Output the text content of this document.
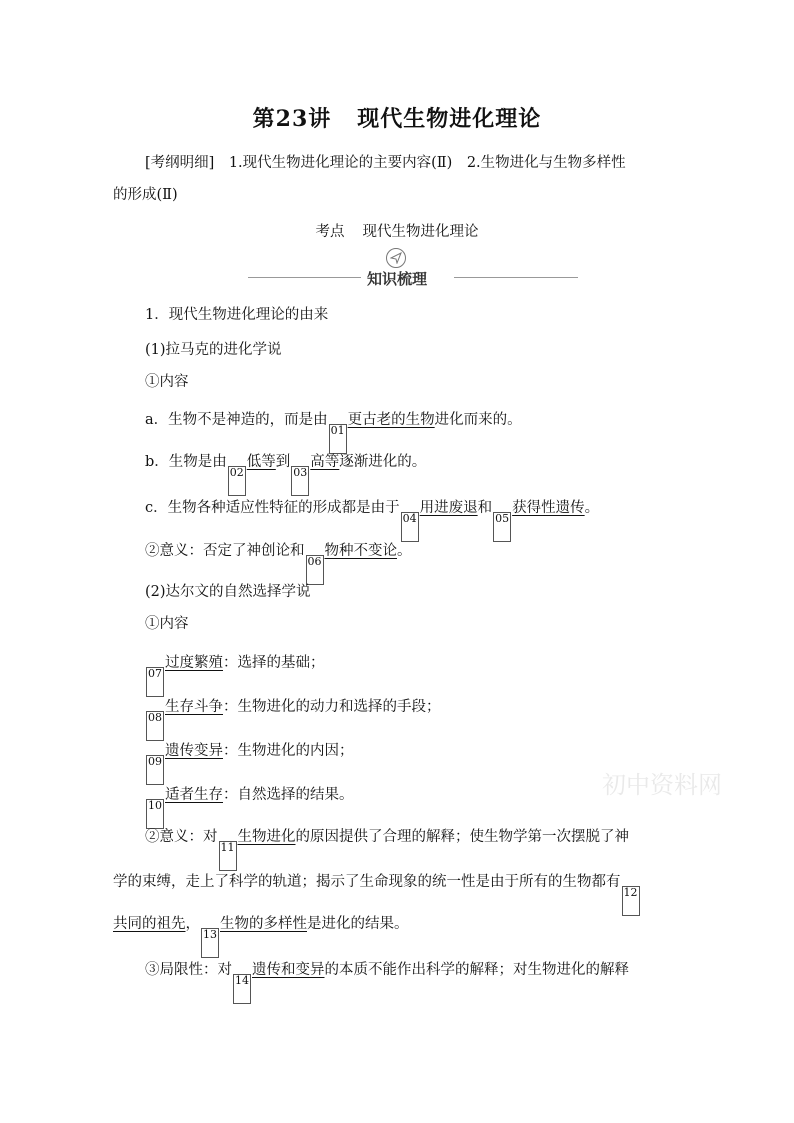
第23讲 现代生物进化理论
[考纲明细]　1.现代生物进化理论的主要内容(Ⅱ)　2.生物进化与生物多样性
的形成(Ⅱ)
考点 现代生物进化理论
知识梳理
1．现代生物进化理论的由来
(1)拉马克的进化学说
①内容
a．生物不是神造的，而是由01更古老的生物进化而来的。
b．生物是由02低等到03高等逐渐进化的。
c．生物各种适应性特征的形成都是由于04用进废退和05获得性遗传。
②意义：否定了神创论和06物种不变论。
(2)达尔文的自然选择学说
①内容
07过度繁殖：选择的基础；
08生存斗争：生物进化的动力和选择的手段；
09遗传变异：生物进化的内因；
10适者生存：自然选择的结果。
②意义：对11生物进化的原因提供了合理的解释；使生物学第一次摆脱了神
学的束缚，走上了科学的轨道；揭示了生命现象的统一性是由于所有的生物都有12
共同的祖先，13生物的多样性是进化的结果。
③局限性：对14遗传和变异的本质不能作出科学的解释；对生物进化的解释
初中资料网
